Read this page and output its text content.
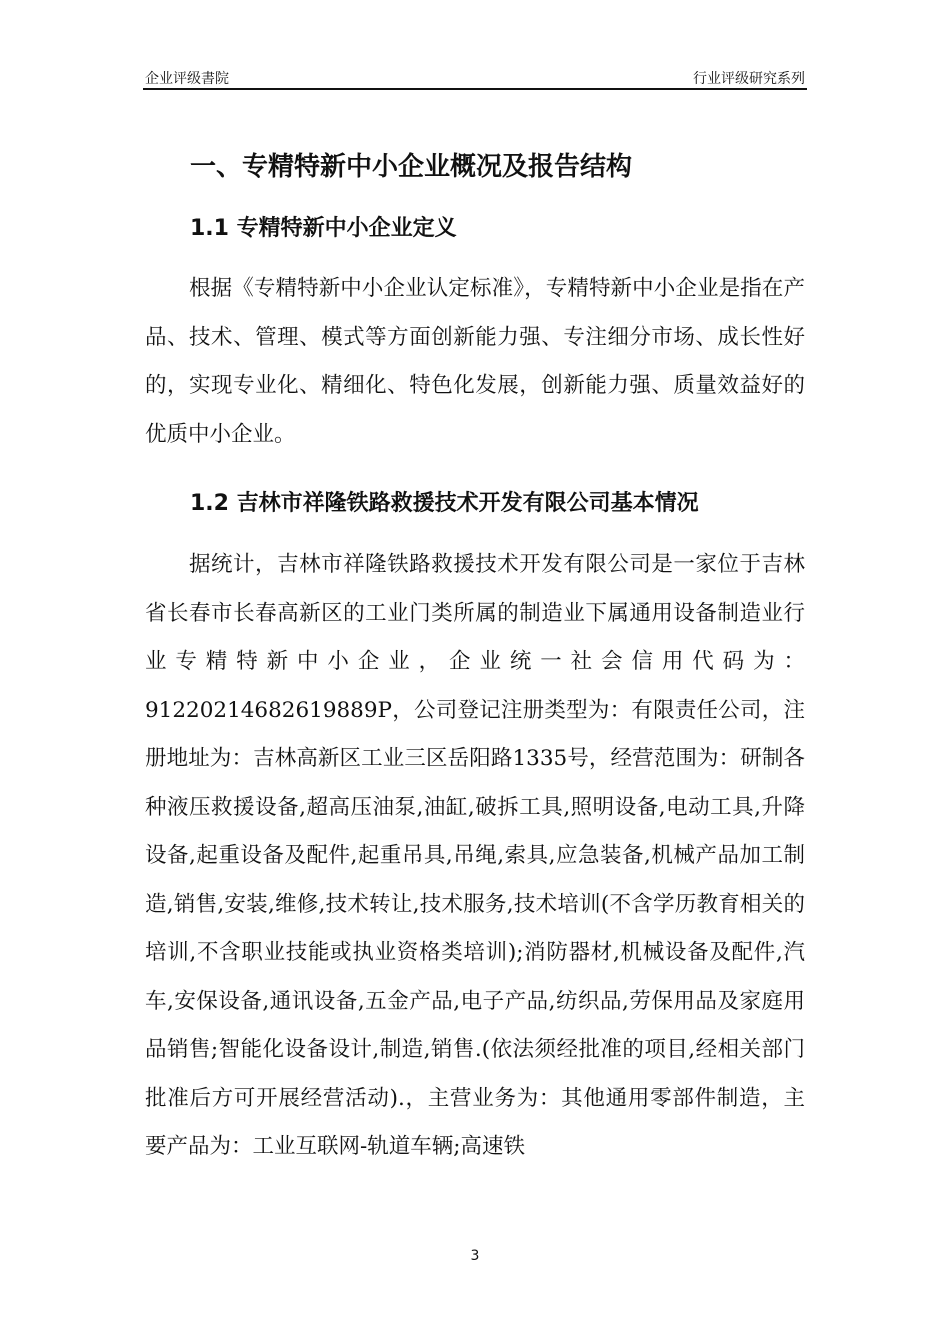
企业评级書院	行业评级研究系列
一、专精特新中小企业概况及报告结构
1.1 专精特新中小企业定义

根据《专精特新中小企业认定标准》，专精特新中小企业是指在产品、技术、管理、模式等方面创新能力强、专注细分市场、成长性好的，实现专业化、精细化、特色化发展，创新能力强、质量效益好的优质中小企业。

1.2 吉林市祥隆铁路救援技术开发有限公司基本情况

据统计，吉林市祥隆铁路救援技术开发有限公司是一家位于吉林省长春市长春高新区的工业门类所属的制造业下属通用设备制造业行业专精特新中小企业，企业统一社会信用代码为：91220214682619889P，公司登记注册类型为：有限责任公司，注册地址为：吉林高新区工业三区岳阳路1335号，经营范围为：研制各种液压救援设备,超高压油泵,油缸,破拆工具,照明设备,电动工具,升降设备,起重设备及配件,起重吊具,吊绳,索具,应急装备,机械产品加工制造,销售,安装,维修,技术转让,技术服务,技术培训(不含学历教育相关的培训,不含职业技能或执业资格类培训);消防器材,机械设备及配件,汽车,安保设备,通讯设备,五金产品,电子产品,纺织品,劳保用品及家庭用品销售;智能化设备设计,制造,销售.(依法须经批准的项目,经相关部门批准后方可开展经营活动).，主营业务为：其他通用零部件制造，主要产品为：工业互联网-轨道车辆;高速铁

3
